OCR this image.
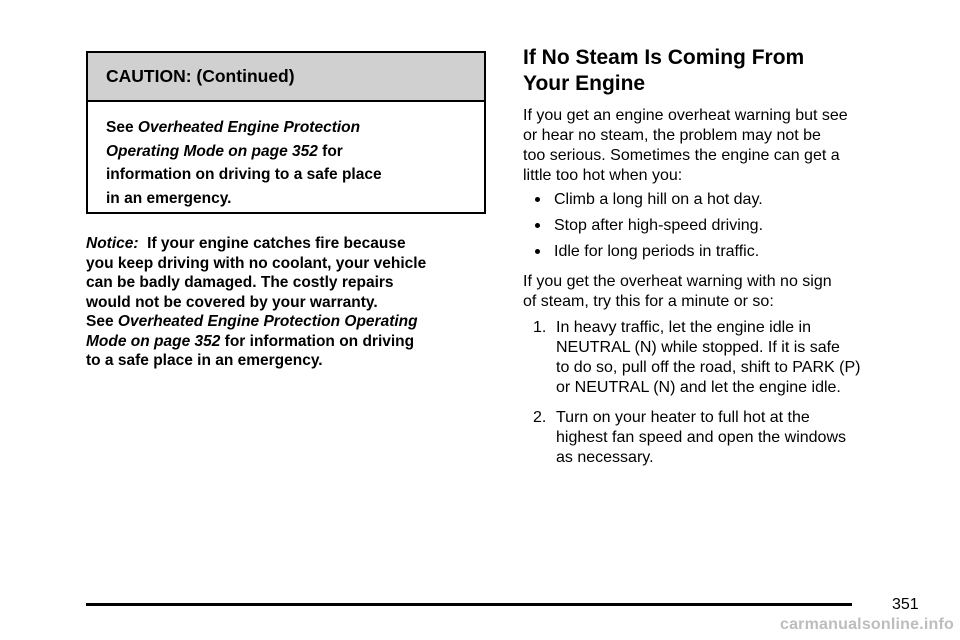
CAUTION: (Continued)
See Overheated Engine Protection
Operating Mode on page 352 for
information on driving to a safe place
in an emergency.
Notice:  If your engine catches fire because
you keep driving with no coolant, your vehicle
can be badly damaged. The costly repairs
would not be covered by your warranty.
See Overheated Engine Protection Operating
Mode on page 352 for information on driving
to a safe place in an emergency.
If No Steam Is Coming From
Your Engine
If you get an engine overheat warning but see
or hear no steam, the problem may not be
too serious. Sometimes the engine can get a
little too hot when you:
Climb a long hill on a hot day.
Stop after high-speed driving.
Idle for long periods in traffic.
If you get the overheat warning with no sign
of steam, try this for a minute or so:
1. In heavy traffic, let the engine idle in
NEUTRAL (N) while stopped. If it is safe
to do so, pull off the road, shift to PARK (P)
or NEUTRAL (N) and let the engine idle.
2. Turn on your heater to full hot at the
highest fan speed and open the windows
as necessary.
351
carmanualsonline.info
